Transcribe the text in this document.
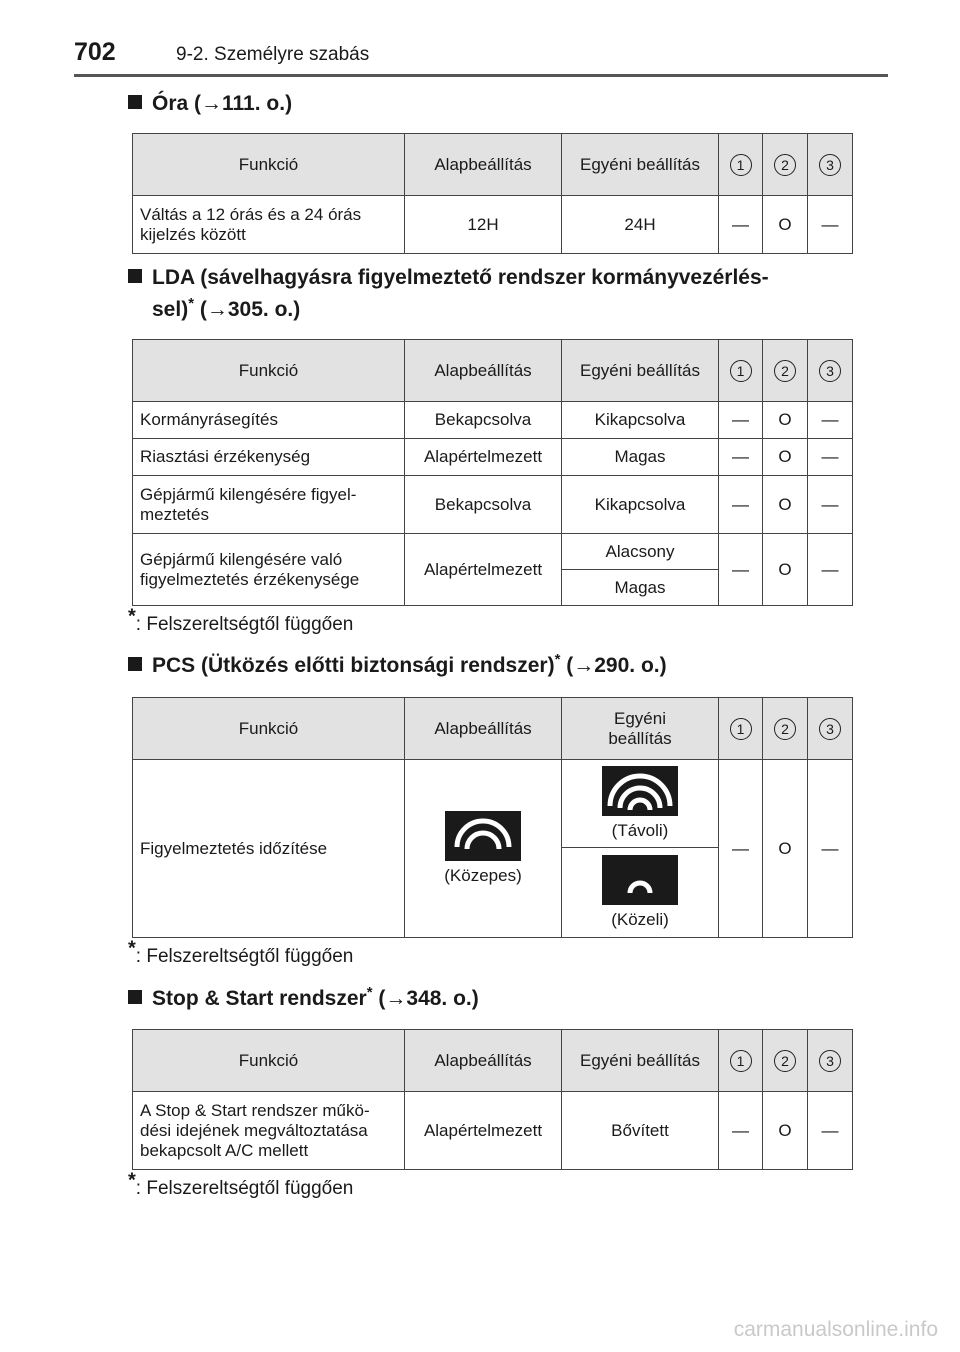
702	9-2. Személyre szabás
Óra (→111. o.)
Funkció	Alapbeállítás	Egyéni beállítás	1	2	3
Váltás a 12 órás és a 24 órás
kijelzés között	12H	24H	—	O	—
LDA (sávelhagyásra figyelmeztető rendszer kormányvezérlés-
sel)* (→305. o.)
Funkció	Alapbeállítás	Egyéni beállítás	1	2	3
Kormányrásegítés	Bekapcsolva	Kikapcsolva	—	O	—
Riasztási érzékenység	Alapértelmezett	Magas	—	O	—
Gépjármű kilengésére figyel-
meztetés	Bekapcsolva	Kikapcsolva	—	O	—
Gépjármű kilengésére való
figyelmeztetés érzékenysége	Alapértelmezett	Alacsony	—	O	—
		Magas			
*: Felszereltségtől függően
PCS (Ütközés előtti biztonsági rendszer)* (→290. o.)
Funkció	Alapbeállítás	Egyéni
beállítás	1	2	3
Figyelmeztetés időzítése	(Közepes)	(Távoli)	—	O	—

		(Közeli)			
*: Felszereltségtől függően
Stop & Start rendszer* (→348. o.)
Funkció	Alapbeállítás	Egyéni beállítás	1	2	3
A Stop & Start rendszer műkö-
dési idejének megváltoztatása
bekapcsolt A/C mellett	Alapértelmezett	Bővített	—	O	—
*: Felszereltségtől függően
carmanualsonline.info
